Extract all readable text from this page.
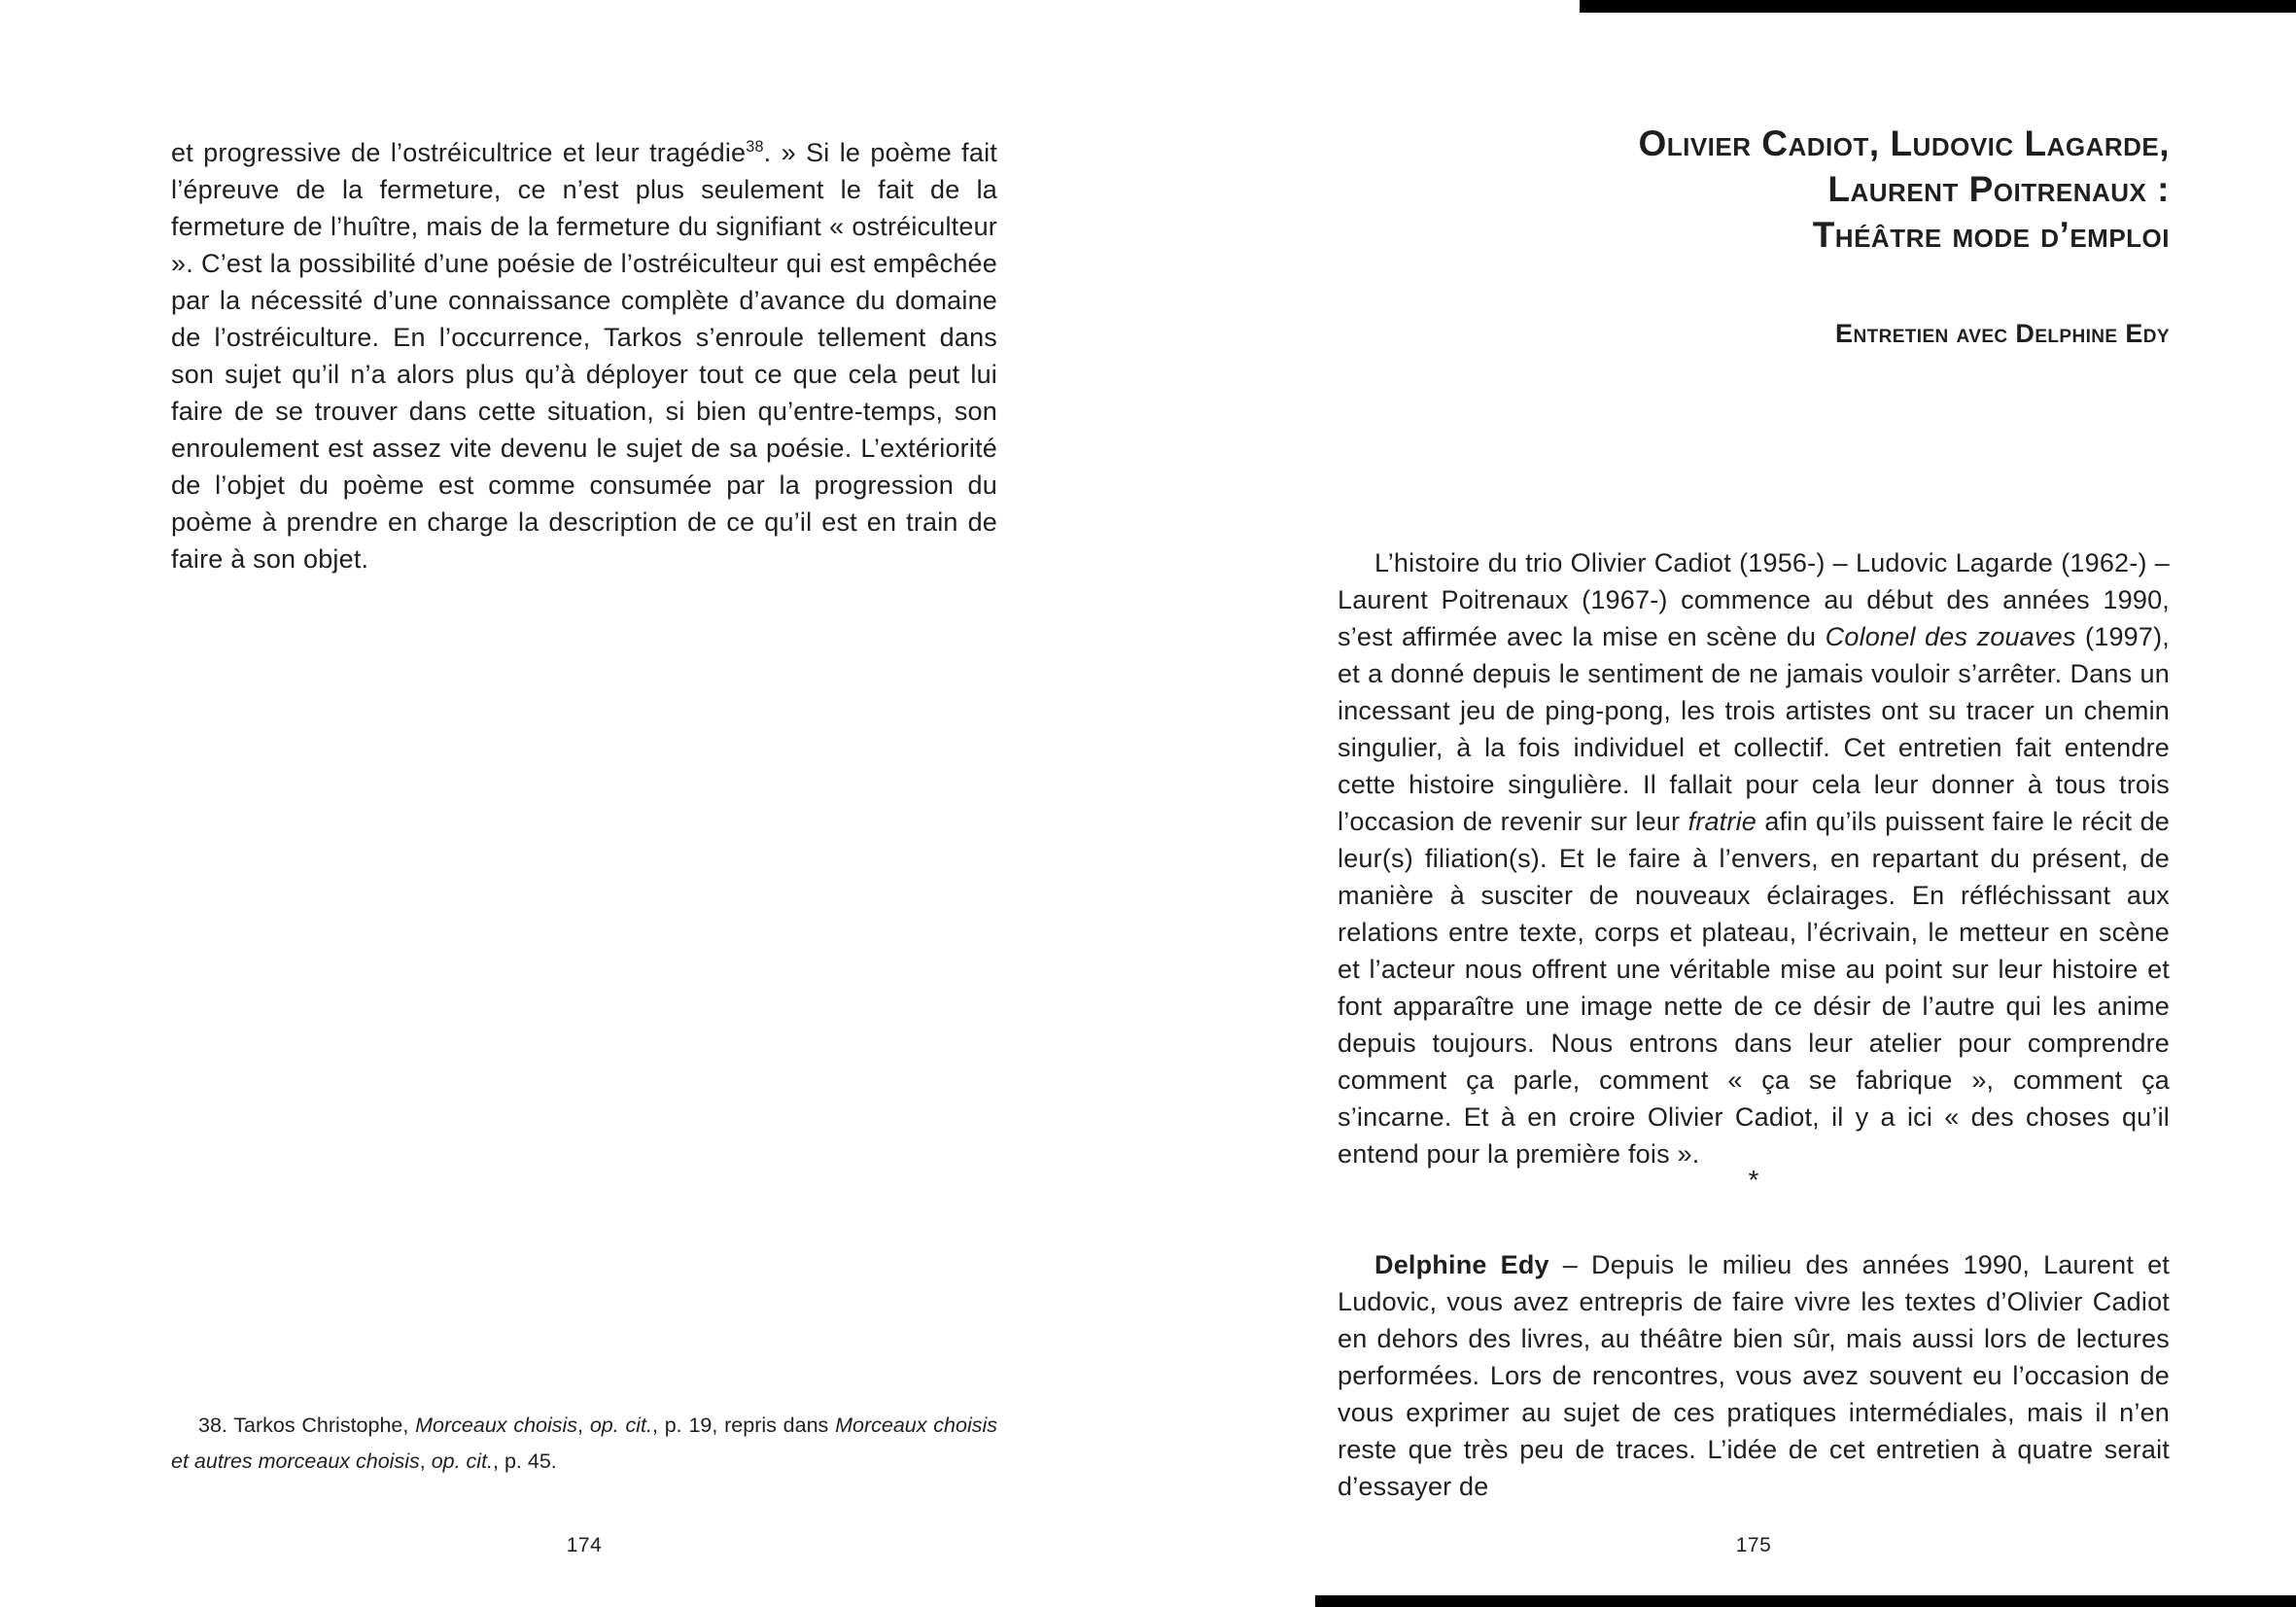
et progressive de l’ostréicultrice et leur tragédie$^{38}$. » Si le poème fait l’épreuve de la fermeture, ce n’est plus seulement le fait de la fermeture de l’huître, mais de la fermeture du signifiant « ostréiculteur ». C’est la possibilité d’une poésie de l’ostréiculteur qui est empêchée par la nécessité d’une connaissance complète d’avance du domaine de l’ostréiculture. En l’occurrence, Tarkos s’enroule tellement dans son sujet qu’il n’a alors plus qu’à déployer tout ce que cela peut lui faire de se trouver dans cette situation, si bien qu’entre-temps, son enroulement est assez vite devenu le sujet de sa poésie. L’extériorité de l’objet du poème est comme consumée par la progression du poème à prendre en charge la description de ce qu’il est en train de faire à son objet.
38. Tarkos Christophe, Morceaux choisis, op. cit., p. 19, repris dans Morceaux choisis et autres morceaux choisis, op. cit., p. 45.
174
Olivier Cadiot, Ludovic Lagarde,
Laurent Poitrenaux :
Théâtre mode d’emploi
Entretien avec Delphine Edy
L’histoire du trio Olivier Cadiot (1956-) – Ludovic Lagarde (1962-) – Laurent Poitrenaux (1967-) commence au début des années 1990, s’est affirmée avec la mise en scène du Colonel des zouaves (1997), et a donné depuis le sentiment de ne jamais vouloir s’arrêter. Dans un incessant jeu de ping-pong, les trois artistes ont su tracer un chemin singulier, à la fois individuel et collectif. Cet entretien fait entendre cette histoire singulière. Il fallait pour cela leur donner à tous trois l’occasion de revenir sur leur fratrie afin qu’ils puissent faire le récit de leur(s) filiation(s). Et le faire à l’envers, en repartant du présent, de manière à susciter de nouveaux éclairages. En réfléchissant aux relations entre texte, corps et plateau, l’écrivain, le metteur en scène et l’acteur nous offrent une véritable mise au point sur leur histoire et font apparaître une image nette de ce désir de l’autre qui les anime depuis toujours. Nous entrons dans leur atelier pour comprendre comment ça parle, comment « ça se fabrique », comment ça s’incarne. Et à en croire Olivier Cadiot, il y a ici « des choses qu’il entend pour la première fois ».
*
Delphine Edy – Depuis le milieu des années 1990, Laurent et Ludovic, vous avez entrepris de faire vivre les textes d’Olivier Cadiot en dehors des livres, au théâtre bien sûr, mais aussi lors de lectures performées. Lors de rencontres, vous avez souvent eu l’occasion de vous exprimer au sujet de ces pratiques intermédiales, mais il n’en reste que très peu de traces. L’idée de cet entretien à quatre serait d’essayer de
175
